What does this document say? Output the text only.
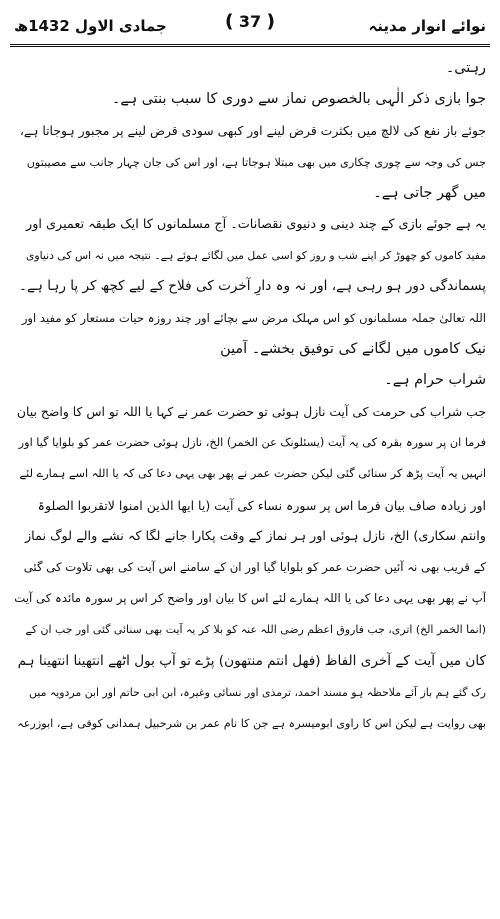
جمادی الاول 1432ھ	❪ 37 ❫	نوائے انوار مدینہ
رہتی۔
جوا بازی ذکر الٰہی بالخصوص نماز سے دوری کا سبب بنتی ہے۔
جوئے باز نفع کی لالچ میں بکثرت قرض لینے اور کبھی سودی قرض لینے پر مجبور ہوجاتا ہے،
جس کی وجہ سے چوری چکاری میں بھی مبتلا ہوجاتا ہے، اور اس کی جان چہار جانب سے مصیبتوں
میں گھر جاتی ہے۔
یہ ہے جوئے بازی کے چند دینی و دنیوی نقصانات۔ آج مسلمانوں کا ایک طبقہ تعمیری اور
مفید کاموں کو چھوڑ کر اپنے شب و روز کو اسی عمل میں لگائے ہوئے ہے۔ نتیجہ میں نہ اس کی دنیاوی
پسماندگی دور ہو رہی ہے، اور نہ وہ دارِ آخرت کی فلاح کے لیے کچھ کر پا رہا ہے۔
اللہ تعالیٰ جملہ مسلمانوں کو اس مہلک مرض سے بچائے اور چند روزہ حیات مستعار کو مفید اور
نیک کاموں میں لگانے کی توفیق بخشے۔ آمین
شراب حرام ہے۔
جب شراب کی حرمت کی آیت نازل ہوئی تو حضرت عمر نے کہا یا اللہ تو اس کا واضح بیان
فرما ان پر سورہ بقرہ کی یہ آیت (یسئلونک عن الخمر) الخ، نازل ہوئی حضرت عمر کو بلوایا گیا اور
انہیں یہ آیت پڑھ کر سنائی گئی لیکن حضرت عمر نے پھر بھی یہی دعا کی کہ یا اللہ اسے ہمارے لئے
اور زیادہ صاف بیان فرما اس پر سورہ نساء کی آیت (یا ایھا الذین امنوا لاتقربوا الصلوۃ
وانتم سکاری) الخ، نازل ہوئی اور ہر نماز کے وقت پکارا جانے لگا کہ نشے والے لوگ نماز
کے قریب بھی نہ آئیں حضرت عمر کو بلوایا گیا اور ان کے سامنے اس آیت کی بھی تلاوت کی گئی
آپ نے پھر بھی یہی دعا کی یا اللہ ہمارے لئے اس کا بیان اور واضح کر اس پر سورہ مائدہ کی آیت
(انما الخمر الخ) اتری، جب فاروق اعظم رضی اللہ عنہ کو بلا کر یہ آیت بھی سنائی گئی اور جب ان کے
کان میں آیت کے آخری الفاظ (فھل انتم منتھون) پڑے تو آپ بول اٹھے انتھینا انتھینا ہم
رک گئے ہم باز آئے ملاحظہ ہو مسند احمد، ترمذی اور نسائی وغیرہ، ابن ابی حاتم اور ابن مردویہ میں
بھی روایت ہے لیکن اس کا راوی ابومیسرہ ہے جن کا نام عمر بن شرحبیل ہمدانی کوفی ہے، ابوزرعہ
